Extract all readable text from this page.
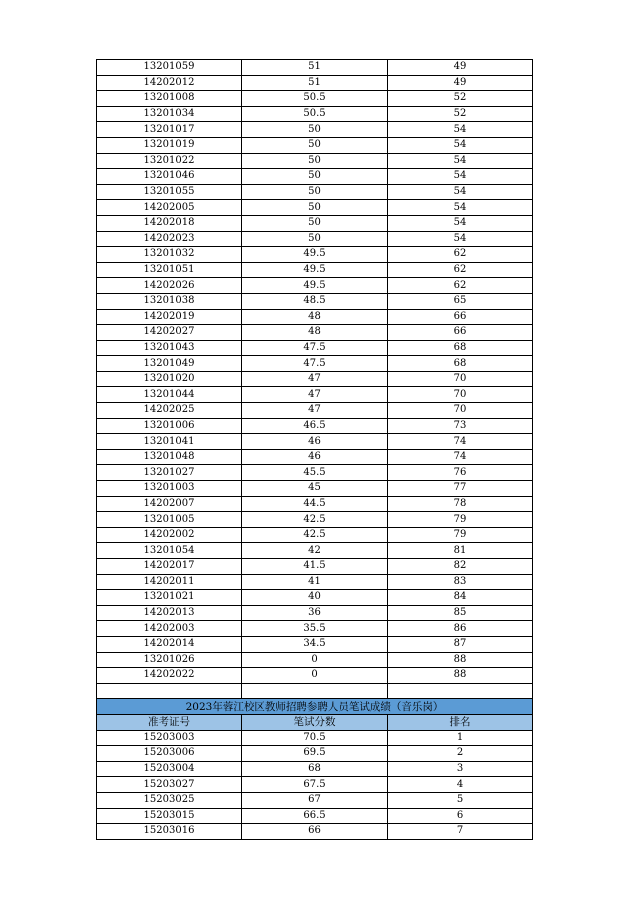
13201059	51	49
14202012	51	49
13201008	50.5	52
13201034	50.5	52
13201017	50	54
13201019	50	54
13201022	50	54
13201046	50	54
13201055	50	54
14202005	50	54
14202018	50	54
14202023	50	54
13201032	49.5	62
13201051	49.5	62
14202026	49.5	62
13201038	48.5	65
14202019	48	66
14202027	48	66
13201043	47.5	68
13201049	47.5	68
13201020	47	70
13201044	47	70
14202025	47	70
13201006	46.5	73
13201041	46	74
13201048	46	74
13201027	45.5	76
13201003	45	77
14202007	44.5	78
13201005	42.5	79
14202002	42.5	79
13201054	42	81
14202017	41.5	82
14202011	41	83
13201021	40	84
14202013	36	85
14202003	35.5	86
14202014	34.5	87
13201026	0	88
14202022	0	88

2023年蓉江校区教师招聘参聘人员笔试成绩（音乐岗）		
准考证号	笔试分数	排名
15203003	70.5	1
15203006	69.5	2
15203004	68	3
15203027	67.5	4
15203025	67	5
15203015	66.5	6
15203016	66	7
